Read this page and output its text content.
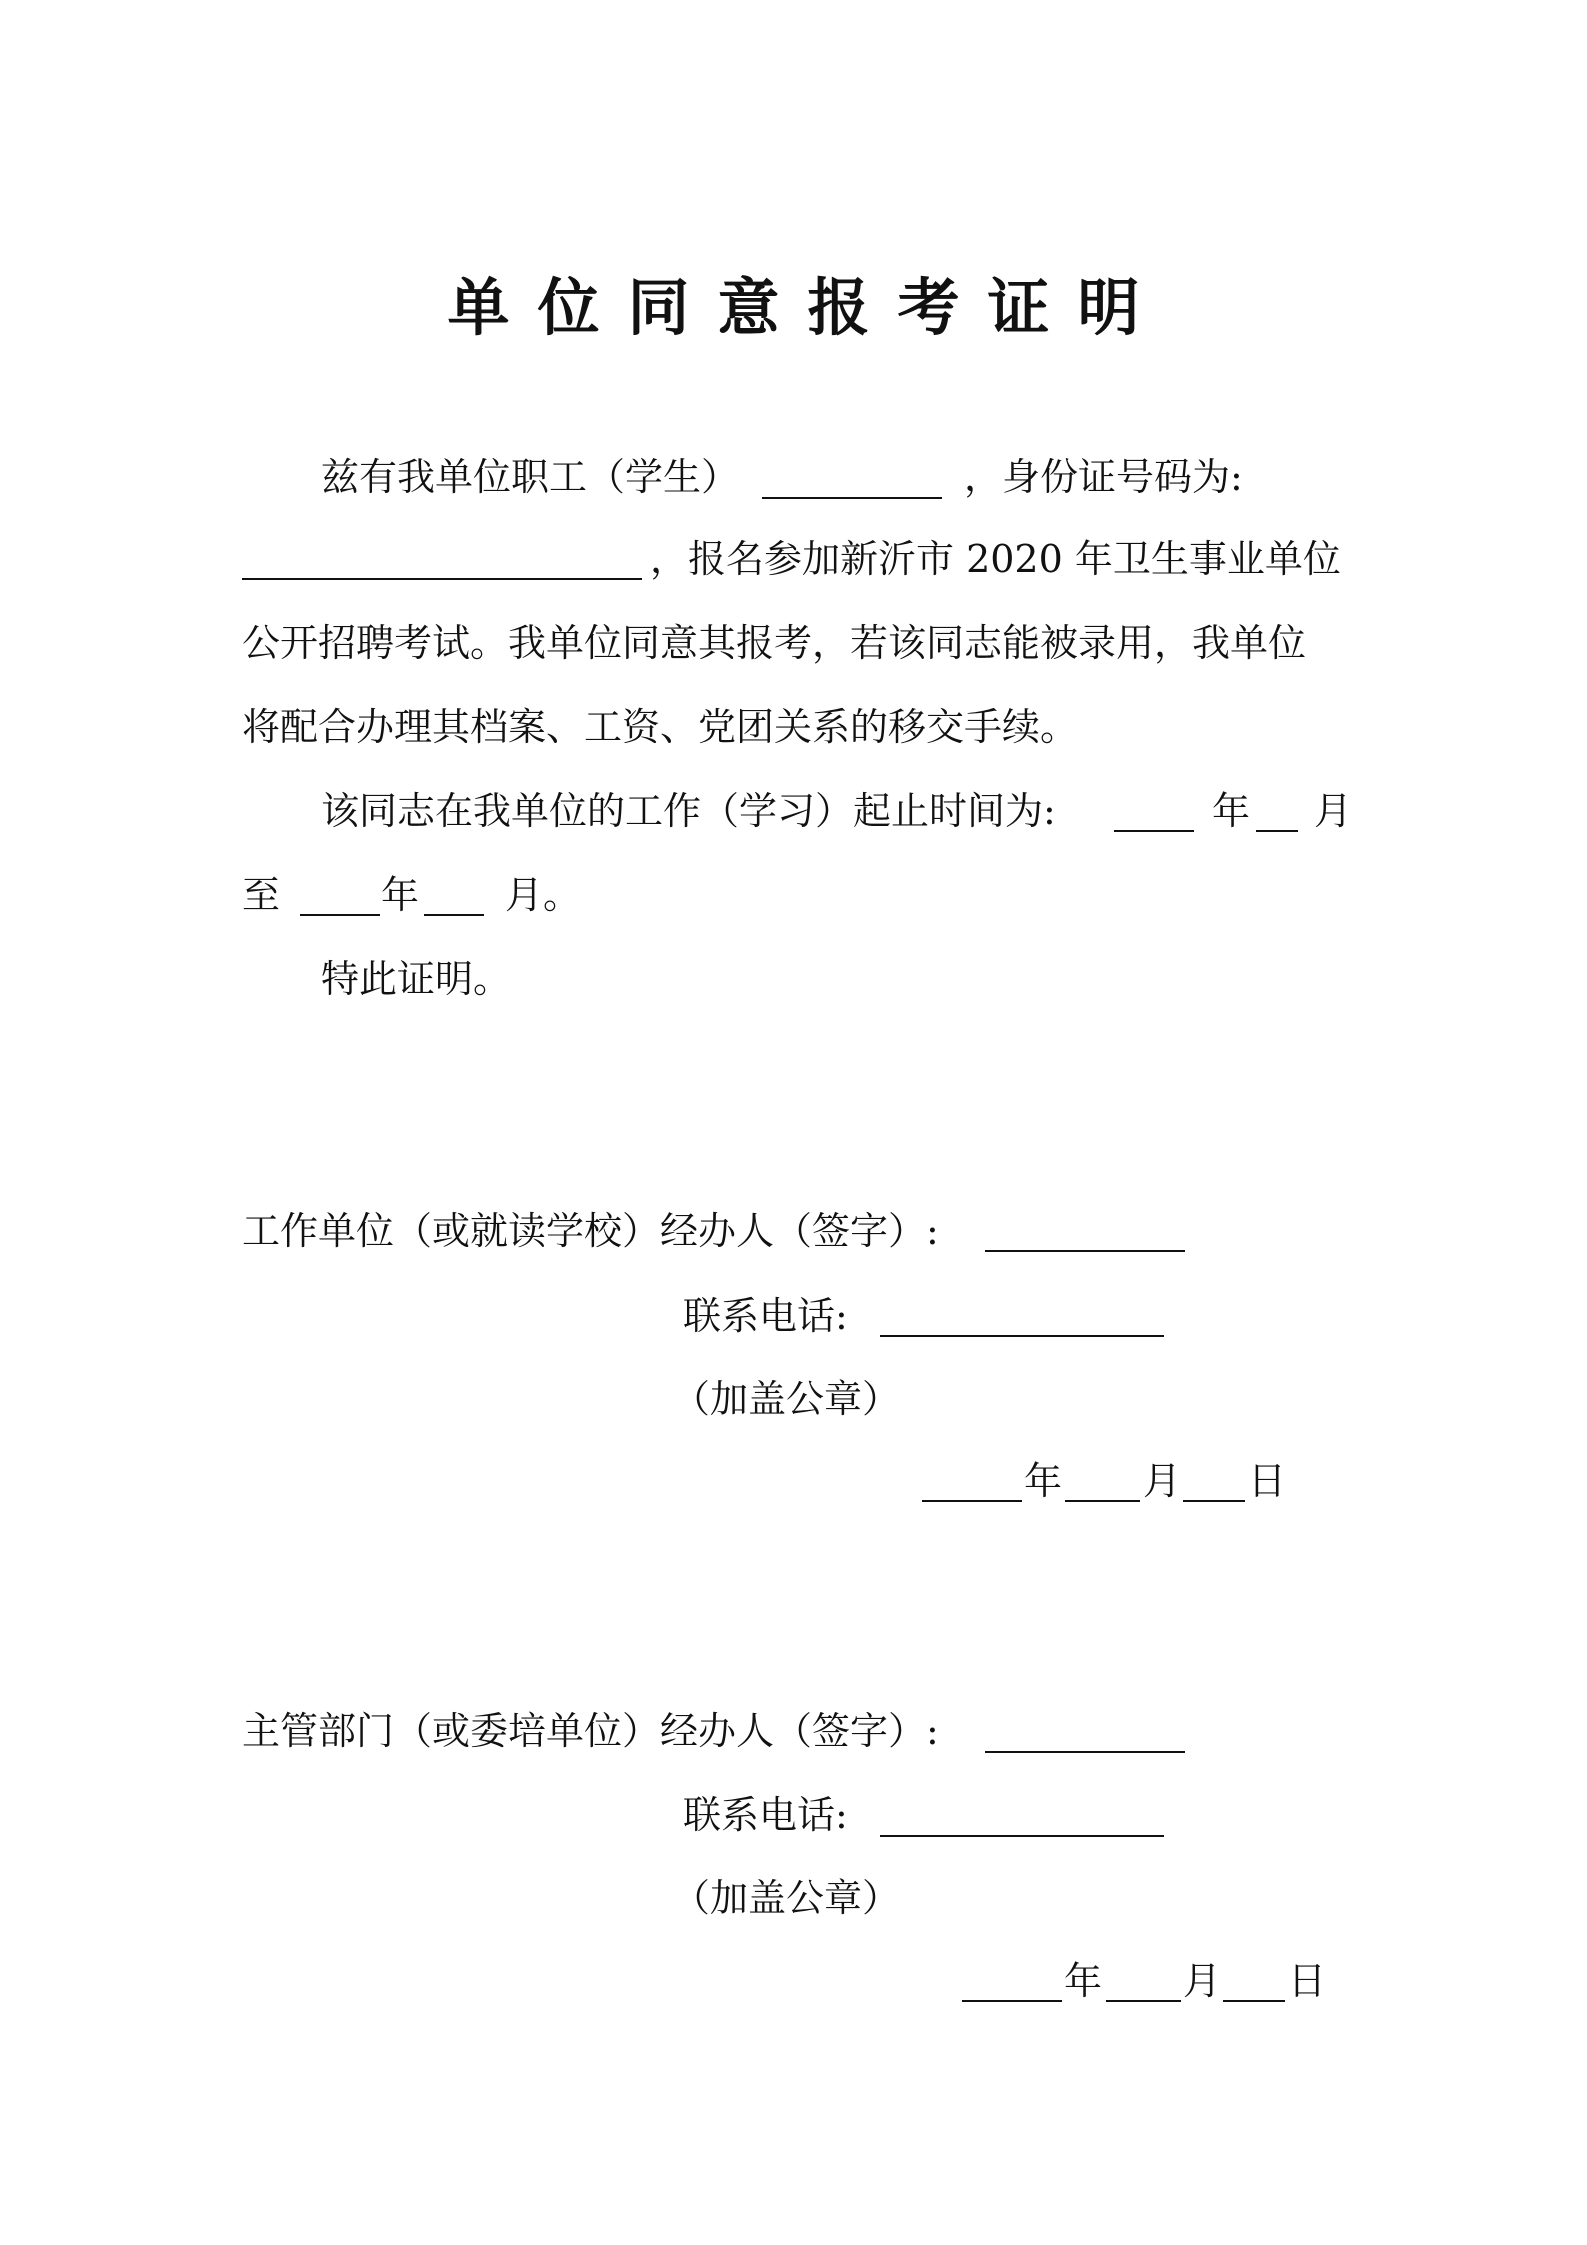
单位同意报考证明
兹有我单位职工（学生）	，身份证号码为:
，报名参加新沂市 2020 年卫生事业单位
公开招聘考试。我单位同意其报考，若该同志能被录用，我单位
将配合办理其档案、工资、党团关系的移交手续。
该同志在我单位的工作（学习）起止时间为:	年 月
至	年 月。
特此证明。
工作单位（或就读学校）经办人（签字）:
联系电话:
（加盖公章）
年 月 日
主管部门（或委培单位）经办人（签字）:
联系电话:
（加盖公章）
年 月 日
